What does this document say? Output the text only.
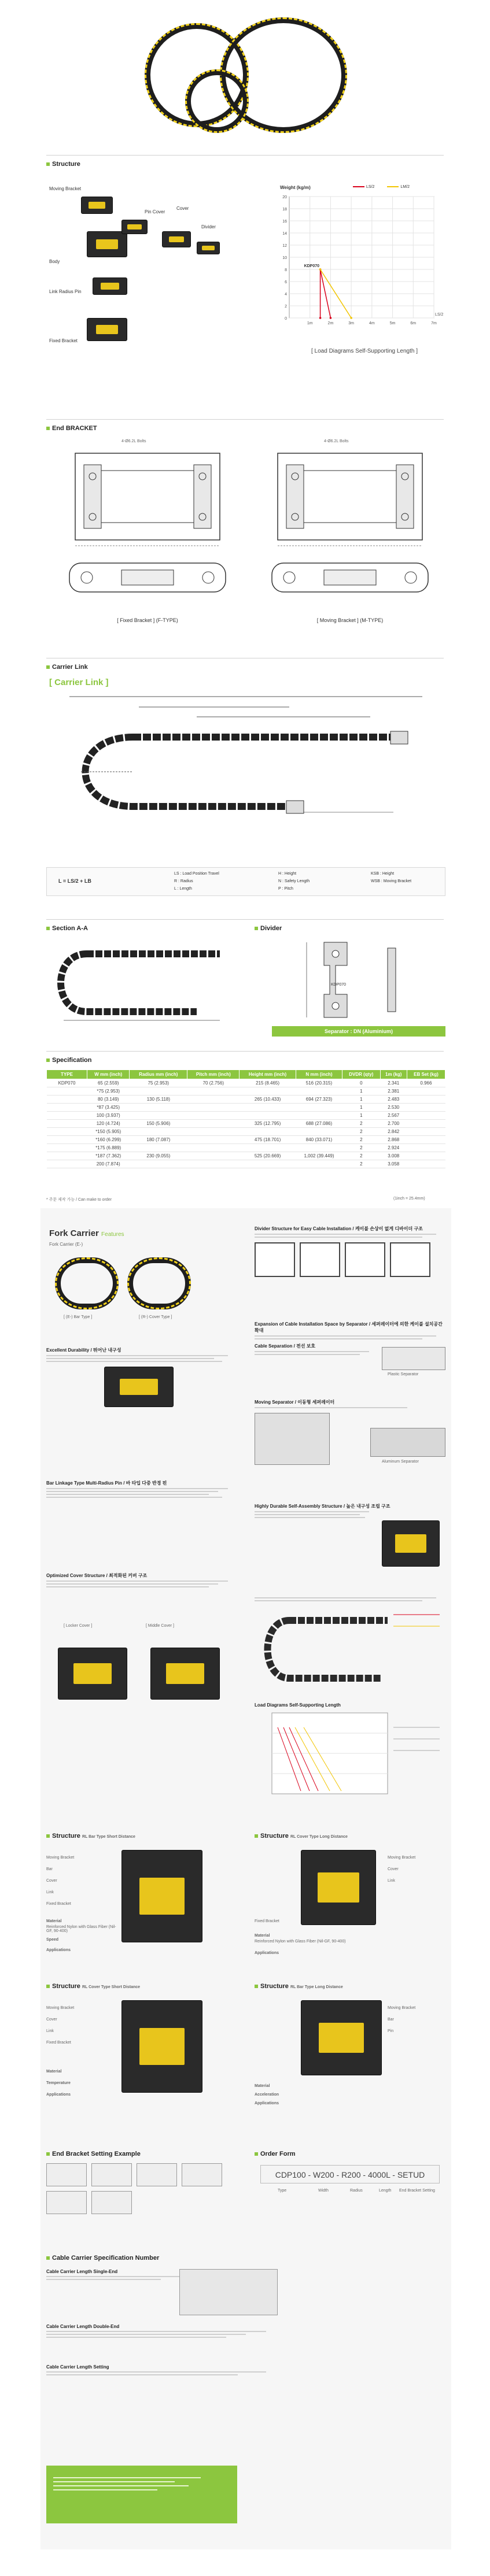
Structure
Moving Bracket
Pin Cover
Cover
Divider
Body
Link Radius Pin
Fixed Bracket
Weight (kg/m)	LS/2	LM/2
20
18
16
14
12
10
8
6
4
2
0
1m	2m	3m	4m	5m	6m	7m
LS/2
KDP070
[ Load Diagrams Self-Supporting Length ]
End BRACKET
4-Ø6.2L Bolts
[ Fixed Bracket ] (F-TYPE)
4-Ø6.2L Bolts
[ Moving Bracket ] (M-TYPE)
Carrier Link
[ Carrier Link ]
L = LS/2 + LB
LS : Load Position Travel	H : Height	KSB : Height
R : Radius	N : Safety Length	WSB : Moving Bracket
L : Length	P : Pitch
Section A-A	Divider
KDP070
Separator : DN (Aluminium)
Specification
TYPE	W mm (inch)	Radius mm (inch)	Pitch mm (inch)	Height mm (inch)	N mm (inch)	DVDR (qty)	1m (kg)	EB Set (kg)
KDP070	65 (2.559)	75 (2.953)	70 (2.756)	215 (8.465)	516 (20.315)	0	2.341	0.966
	*75 (2.953)					1	2.381	
	80 (3.149)	130 (5.118)		265 (10.433)	694 (27.323)	1	2.483	
	*87 (3.425)					1	2.530	
	100 (3.937)					1	2.567	
	120 (4.724)	150 (5.906)		325 (12.795)	688 (27.086)	2	2.700	
	*150 (5.905)					2	2.842	
	*160 (6.299)	180 (7.087)		475 (18.701)	840 (33.071)	2	2.868	
	*175 (6.889)					2	2.924	
	*187 (7.362)	230 (9.055)		525 (20.669)	1,002 (39.449)	2	3.008	
	200 (7.874)					2	3.058	
* 주문 제작 가능 / Can make to order	(1inch = 25.4mm)
Fork Carrier Features
Fork Carrier (E-)
[ (E-) Bar Type ]	[ (R-) Cover Type ]
Excellent Durability / 뛰어난 내구성
Bar Linkage Type Multi-Radius Pin / 바 타입 다중 반경 핀
Optimized Cover Structure / 최적화된 커버 구조
[ Locker Cover ]	[ Middle Cover ]
Divider Structure for Easy Cable Installation / 케이블 손상이 없게 디바이더 구조
Expansion of Cable Installation Space by Separator / 세퍼레이터에 의한 케이블 설치공간 확대
Cable Separation / 전선 보호
Plastic Separator
Moving Separator / 이동형 세퍼레이터
Aluminum Separator
Highly Durable Self-Assembly Structure / 높은 내구성 조립 구조
Load Diagrams Self-Supporting Length
Structure RL Bar Type Short Distance
Moving Bracket
Bar
Cover
Link
Fixed Bracket
Material
Reinforced Nylon with Glass Fiber (Nil-GF, 90-400)
Speed
Applications
Structure RL Cover Type Long Distance
Moving Bracket
Cover
Link
Fixed Bracket
Material
Reinforced Nylon with Glass Fiber (Nil-GF, 90-400)
Applications
Structure RL Cover Type Short Distance
Moving Bracket
Cover
Link
Fixed Bracket
Material
Temperature
Applications
Structure RL Bar Type Long Distance
Moving Bracket
Bar
Pin
Material
Acceleration
Applications
End Bracket Setting Example	Order Form
CDP100 - W200 - R200 - 4000L - SETUD
Type	Width	Radius	Length End Bracket Setting
Cable Carrier Specification Number
Cable Carrier Length Single-End
Cable Carrier Length Double-End
Cable Carrier Length Setting
